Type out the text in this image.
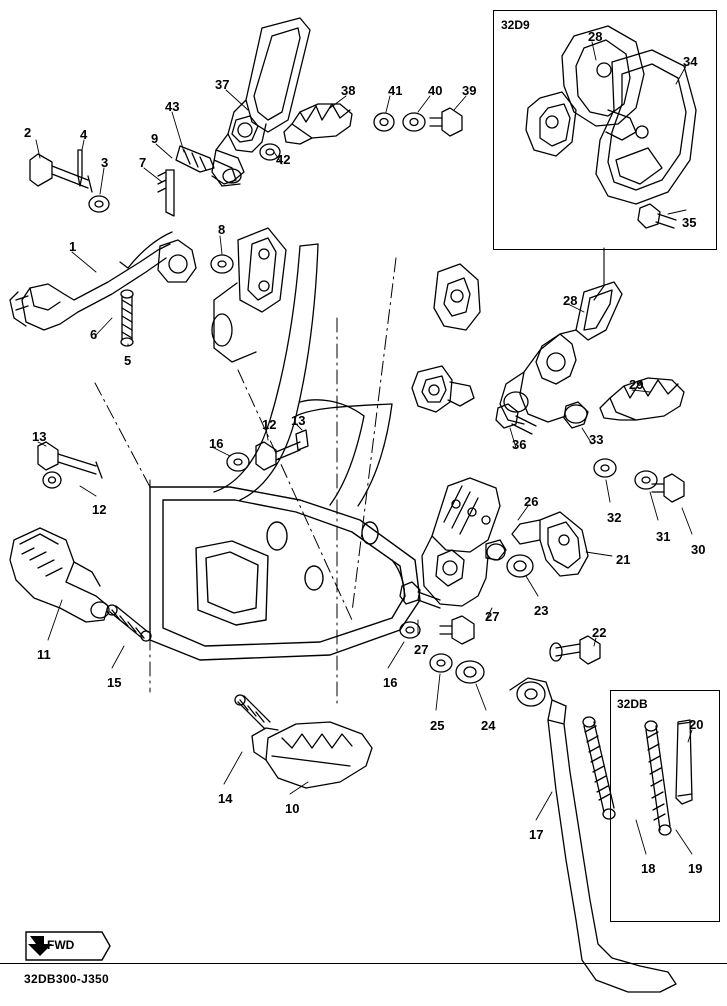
32D9
32DB
FWD
32DB300-J350
1
2
3
4
5
6
7
8
9
10
11
12
12
13
13
14
15
16
16
17
18	19
20
21
22
23
24
25
26
27
27
28
28
29
30
31
32
33
34
35
36
37	38	39
40
41
42
43
